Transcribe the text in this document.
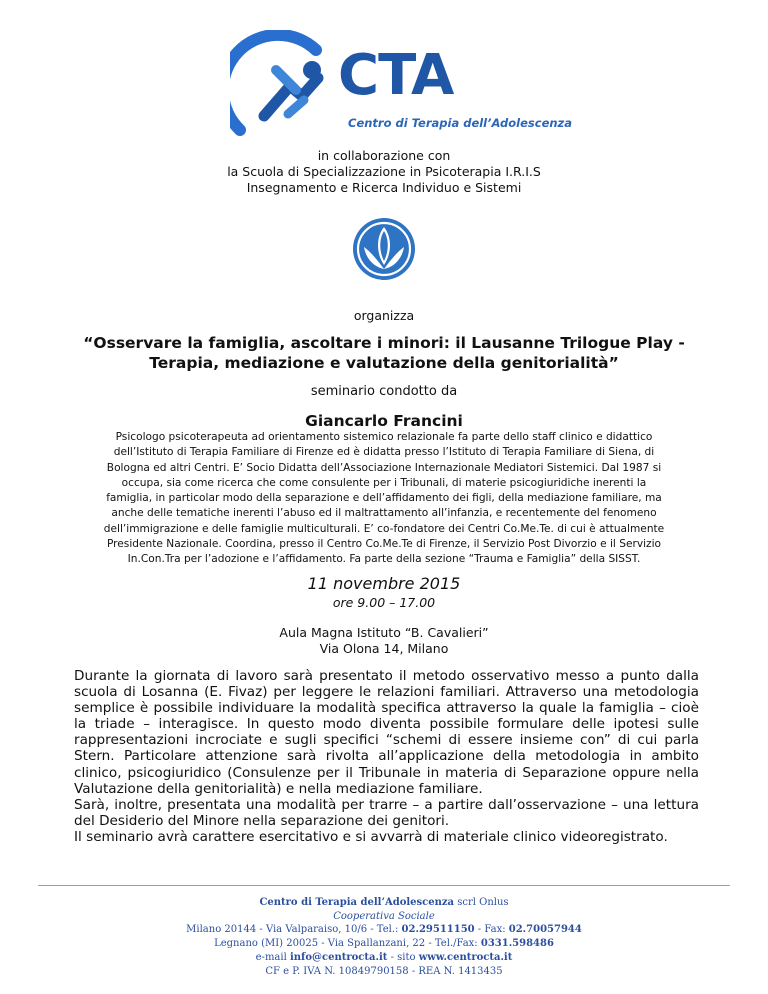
CTA
Centro di Terapia dell’Adolescenza
in collaborazione con
la Scuola di Specializzazione in Psicoterapia I.R.I.S
Insegnamento e Ricerca Individuo e Sistemi
organizza
“Osservare la famiglia, ascoltare i minori: il Lausanne Trilogue Play -
Terapia, mediazione e valutazione della genitorialità”
seminario condotto da
Giancarlo Francini
Psicologo psicoterapeuta ad orientamento sistemico relazionale fa parte dello staff clinico e didattico
dell’Istituto di Terapia Familiare di Firenze ed è didatta presso l’Istituto di Terapia Familiare di Siena, di
Bologna ed altri Centri. E’ Socio Didatta dell’Associazione Internazionale Mediatori Sistemici. Dal 1987 si
occupa, sia come ricerca che come consulente per i Tribunali, di materie psicogiuridiche inerenti la
famiglia, in particolar modo della separazione e dell’affidamento dei figli, della mediazione familiare, ma
anche delle tematiche inerenti l’abuso ed il maltrattamento all’infanzia, e recentemente del fenomeno
dell’immigrazione e delle famiglie multiculturali. E’ co-fondatore dei Centri Co.Me.Te. di cui è attualmente
Presidente Nazionale. Coordina, presso il Centro Co.Me.Te di Firenze, il Servizio Post Divorzio e il Servizio
In.Con.Tra per l’adozione e l’affidamento. Fa parte della sezione “Trauma e Famiglia” della SISST.
11 novembre 2015
ore 9.00 – 17.00
Aula Magna Istituto “B. Cavalieri”
Via Olona 14, Milano

Durante la giornata di lavoro sarà presentato il metodo osservativo messo a punto dalla scuola di Losanna (E. Fivaz) per leggere le relazioni familiari. Attraverso una metodologia semplice è possibile individuare la modalità specifica attraverso la quale la famiglia – cioè la triade – interagisce. In questo modo diventa possibile formulare delle ipotesi sulle rappresentazioni incrociate e sugli specifici “schemi di essere insieme con” di cui parla Stern. Particolare attenzione sarà rivolta all’applicazione della metodologia in ambito clinico, psicogiuridico (Consulenze per il Tribunale in materia di Separazione oppure nella Valutazione della genitorialità) e nella mediazione familiare.

Sarà, inoltre, presentata una modalità per trarre – a partire dall’osservazione – una lettura del Desiderio del Minore nella separazione dei genitori.

Il seminario avrà carattere esercitativo e si avvarrà di materiale clinico videoregistrato.

Centro di Terapia dell’Adolescenza scrl Onlus
Cooperativa Sociale
Milano 20144 - Via Valparaiso, 10/6 - Tel.: 02.29511150 - Fax: 02.70057944
Legnano (MI) 20025 - Via Spallanzani, 22 - Tel./Fax: 0331.598486
e-mail info@centrocta.it - sito www.centrocta.it
CF e P. IVA N. 10849790158 - REA N. 1413435
